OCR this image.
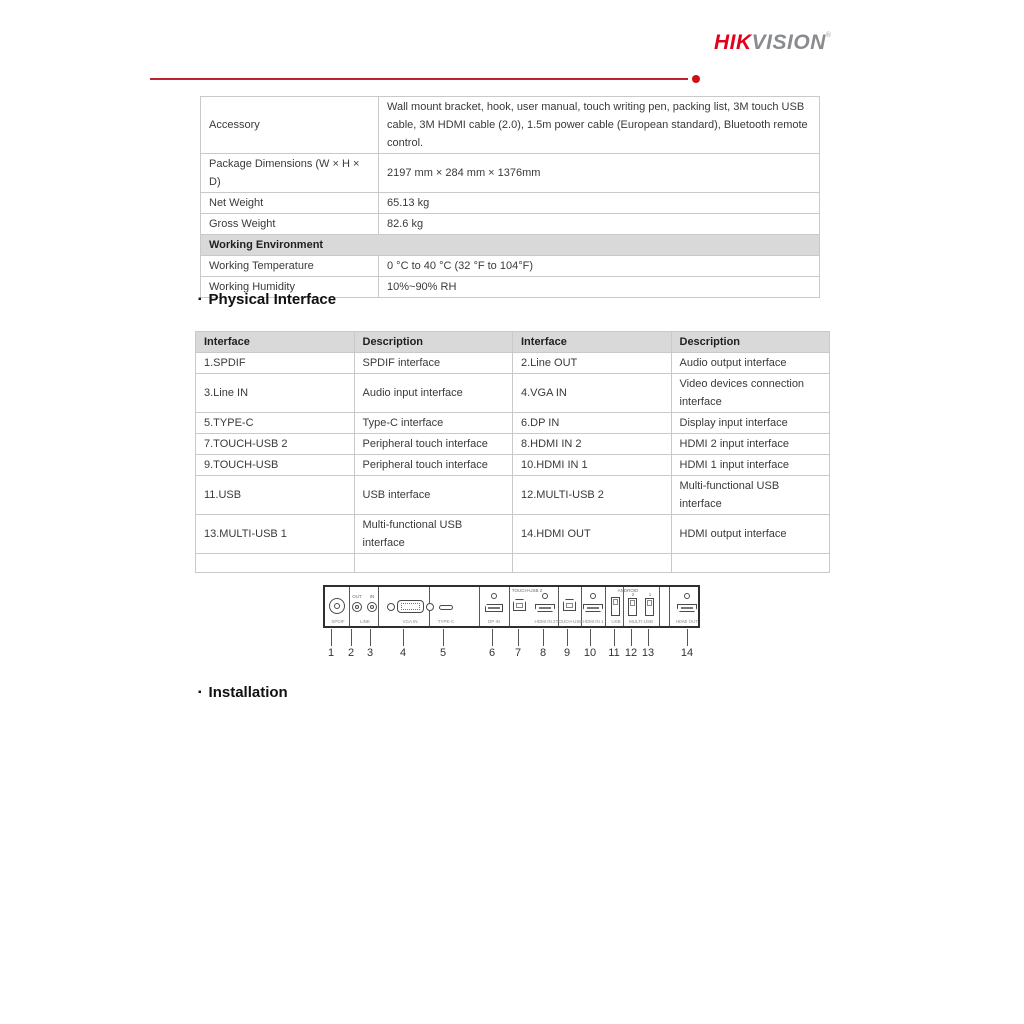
HIKVISION®
Accessory	Wall mount bracket, hook, user manual, touch writing pen, packing list, 3M touch USB cable, 3M HDMI cable (2.0), 1.5m power cable (European standard), Bluetooth remote control.
Package Dimensions (W × H × D)	2197 mm × 284 mm × 1376mm
Net Weight	65.13 kg
Gross Weight	82.6 kg
Working Environment	
Working Temperature	0 °C to 40 °C (32 °F to 104°F)
Working Humidity	10%~90% RH
▪ Physical Interface
Interface	Description	Interface	Description
1.SPDIF	SPDIF interface	2.Line OUT	Audio output interface
3.Line IN	Audio input interface	4.VGA IN	Video devices connection interface
5.TYPE-C	Type-C interface	6.DP IN	Display input interface
7.TOUCH-USB 2	Peripheral touch interface	8.HDMI IN 2	HDMI 2 input interface
9.TOUCH-USB	Peripheral touch interface	10.HDMI IN 1	HDMI 1 input interface
11.USB	USB interface	12.MULTI-USB 2	Multi-functional USB interface
13.MULTI-USB 1	Multi-functional USB interface	14.HDMI OUT	HDMI output interface

TOUCH-USB 2	ANDROID
SPDIF
OUT IN
LINE	VGA IN	TYPE-C	DP IN	HDMI IN 2 TOUCH-USB HDMI IN 1 USB
2	1
MULTI-USB	HDMI OUT
1 2 3 4	5	6 7 8 9 10 11 12 13 14
▪ Installation
